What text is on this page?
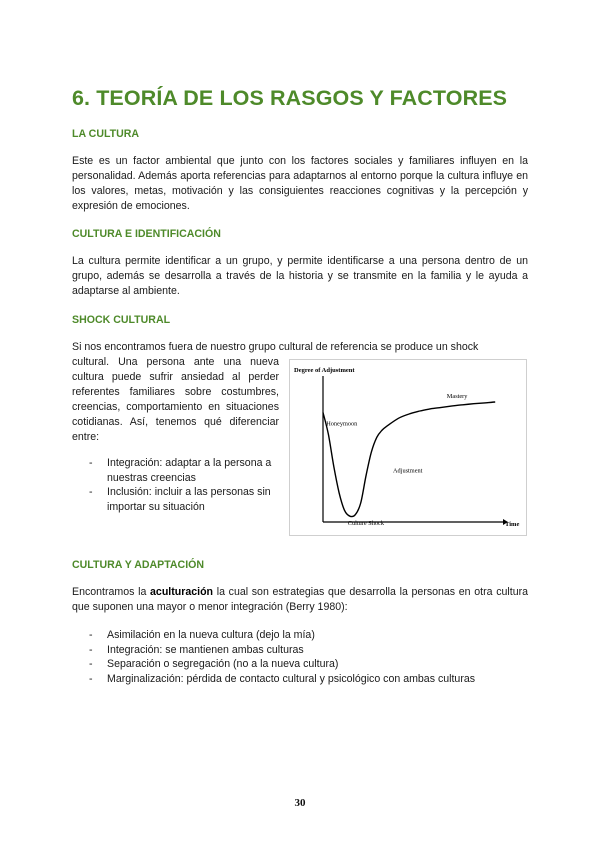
6. TEORÍA DE LOS RASGOS Y FACTORES
LA CULTURA

Este es un factor ambiental que junto con los factores sociales y familiares influyen en la personalidad. Además aporta referencias para adaptarnos al entorno porque la cultura influye en los valores, metas, motivación y las consiguientes reacciones cognitivas y la percepción y expresión de emociones.

CULTURA E IDENTIFICACIÓN

La cultura permite identificar a un grupo, y permite identificarse a una persona dentro de un grupo, además se desarrolla a través de la historia y se transmite en la familia y le ayuda a adaptarse al ambiente.

SHOCK CULTURAL

Si nos encontramos fuera de nuestro grupo cultural de referencia se produce un shock

cultural. Una persona ante una nueva cultura puede sufrir ansiedad al perder referentes familiares sobre costumbres, creencias, comportamiento en situaciones cotidianas. Así, tenemos qué diferenciar entre:

- Integración: adaptar a la persona a nuestras creencias
- Inclusión: incluir a las personas sin importar su situación
Degree of Adjustment
Time
Honeymoon
Culture Shock
Adjustment
Mastery
CULTURA Y ADAPTACIÓN

Encontramos la aculturación la cual son estrategias que desarrolla la personas en otra cultura que suponen una mayor o menor integración (Berry 1980):

- Asimilación en la nueva cultura (dejo la mía)
- Integración: se mantienen ambas culturas
- Separación o segregación (no a la nueva cultura)
- Marginalización: pérdida de contacto cultural y psicológico con ambas culturas

30
